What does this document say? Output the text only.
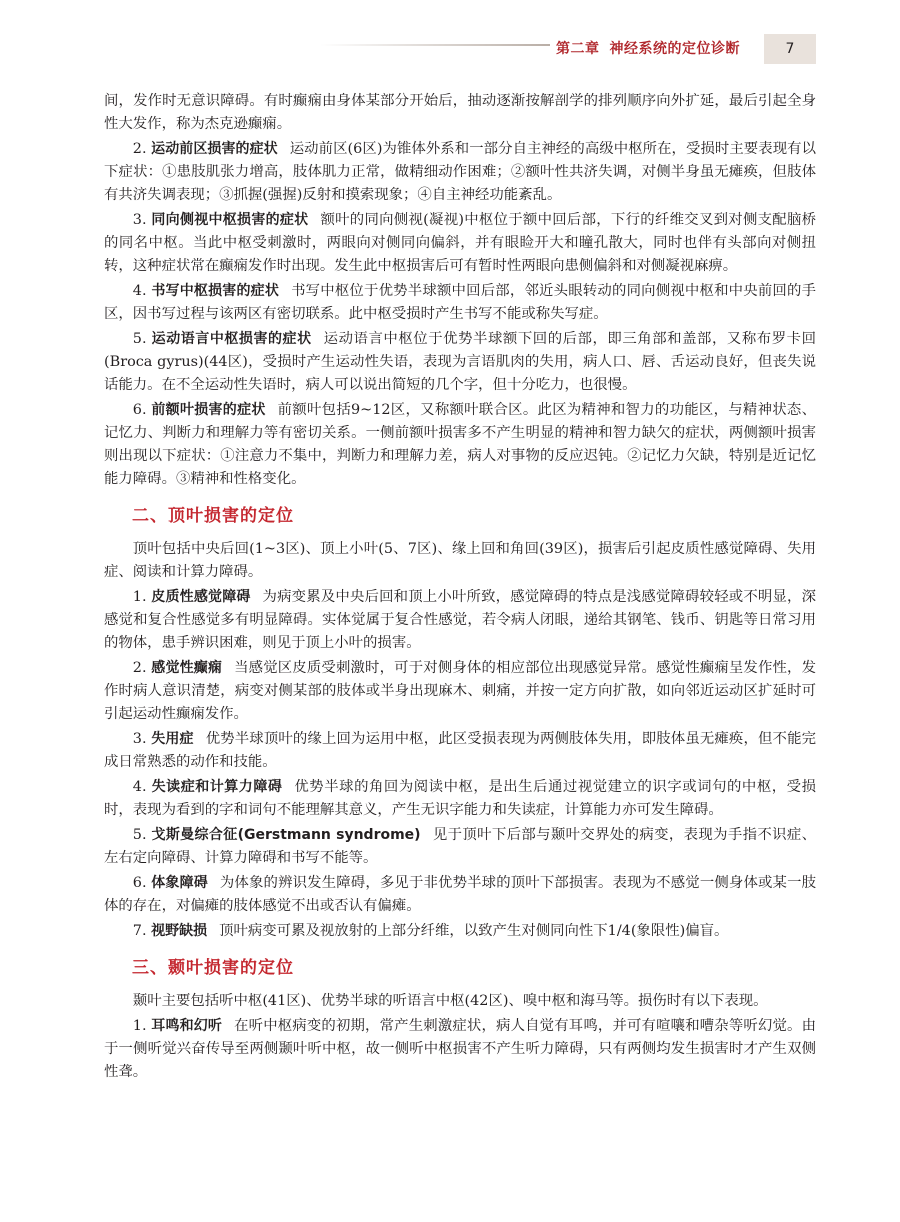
第二章 神经系统的定位诊断	7

间，发作时无意识障碍。有时癫痫由身体某部分开始后，抽动逐渐按解剖学的排列顺序向外扩延，最后引起全身性大发作，称为杰克逊癫痫。

2. 运动前区损害的症状 运动前区(6区)为锥体外系和一部分自主神经的高级中枢所在，受损时主要表现有以下症状：①患肢肌张力增高，肢体肌力正常，做精细动作困难；②额叶性共济失调，对侧半身虽无瘫痪，但肢体有共济失调表现；③抓握(强握)反射和摸索现象；④自主神经功能紊乱。

3. 同向侧视中枢损害的症状 额叶的同向侧视(凝视)中枢位于额中回后部，下行的纤维交叉到对侧支配脑桥的同名中枢。当此中枢受刺激时，两眼向对侧同向偏斜，并有眼睑开大和瞳孔散大，同时也伴有头部向对侧扭转，这种症状常在癫痫发作时出现。发生此中枢损害后可有暂时性两眼向患侧偏斜和对侧凝视麻痹。

4. 书写中枢损害的症状 书写中枢位于优势半球额中回后部，邻近头眼转动的同向侧视中枢和中央前回的手区，因书写过程与该两区有密切联系。此中枢受损时产生书写不能或称失写症。

5. 运动语言中枢损害的症状 运动语言中枢位于优势半球额下回的后部，即三角部和盖部，又称布罗卡回(Broca gyrus)(44区)，受损时产生运动性失语，表现为言语肌肉的失用，病人口、唇、舌运动良好，但丧失说话能力。在不全运动性失语时，病人可以说出简短的几个字，但十分吃力，也很慢。

6. 前额叶损害的症状 前额叶包括9~12区，又称额叶联合区。此区为精神和智力的功能区，与精神状态、记忆力、判断力和理解力等有密切关系。一侧前额叶损害多不产生明显的精神和智力缺欠的症状，两侧额叶损害则出现以下症状：①注意力不集中，判断力和理解力差，病人对事物的反应迟钝。②记忆力欠缺，特别是近记忆能力障碍。③精神和性格变化。

二、顶叶损害的定位

顶叶包括中央后回(1~3区)、顶上小叶(5、7区)、缘上回和角回(39区)，损害后引起皮质性感觉障碍、失用症、阅读和计算力障碍。

1. 皮质性感觉障碍 为病变累及中央后回和顶上小叶所致，感觉障碍的特点是浅感觉障碍较轻或不明显，深感觉和复合性感觉多有明显障碍。实体觉属于复合性感觉，若令病人闭眼，递给其钢笔、钱币、钥匙等日常习用的物体，患手辨识困难，则见于顶上小叶的损害。

2. 感觉性癫痫 当感觉区皮质受刺激时，可于对侧身体的相应部位出现感觉异常。感觉性癫痫呈发作性，发作时病人意识清楚，病变对侧某部的肢体或半身出现麻木、刺痛，并按一定方向扩散，如向邻近运动区扩延时可引起运动性癫痫发作。

3. 失用症 优势半球顶叶的缘上回为运用中枢，此区受损表现为两侧肢体失用，即肢体虽无瘫痪，但不能完成日常熟悉的动作和技能。

4. 失读症和计算力障碍 优势半球的角回为阅读中枢，是出生后通过视觉建立的识字或词句的中枢，受损时，表现为看到的字和词句不能理解其意义，产生无识字能力和失读症，计算能力亦可发生障碍。

5. 戈斯曼综合征(Gerstmann syndrome) 见于顶叶下后部与颞叶交界处的病变，表现为手指不识症、左右定向障碍、计算力障碍和书写不能等。

6. 体象障碍 为体象的辨识发生障碍，多见于非优势半球的顶叶下部损害。表现为不感觉一侧身体或某一肢体的存在，对偏瘫的肢体感觉不出或否认有偏瘫。

7. 视野缺损 顶叶病变可累及视放射的上部分纤维，以致产生对侧同向性下1/4(象限性)偏盲。

三、颞叶损害的定位

颞叶主要包括听中枢(41区)、优势半球的听语言中枢(42区)、嗅中枢和海马等。损伤时有以下表现。

1. 耳鸣和幻听 在听中枢病变的初期，常产生刺激症状，病人自觉有耳鸣，并可有喧嚷和嘈杂等听幻觉。由于一侧听觉兴奋传导至两侧颞叶听中枢，故一侧听中枢损害不产生听力障碍，只有两侧均发生损害时才产生双侧性聋。
